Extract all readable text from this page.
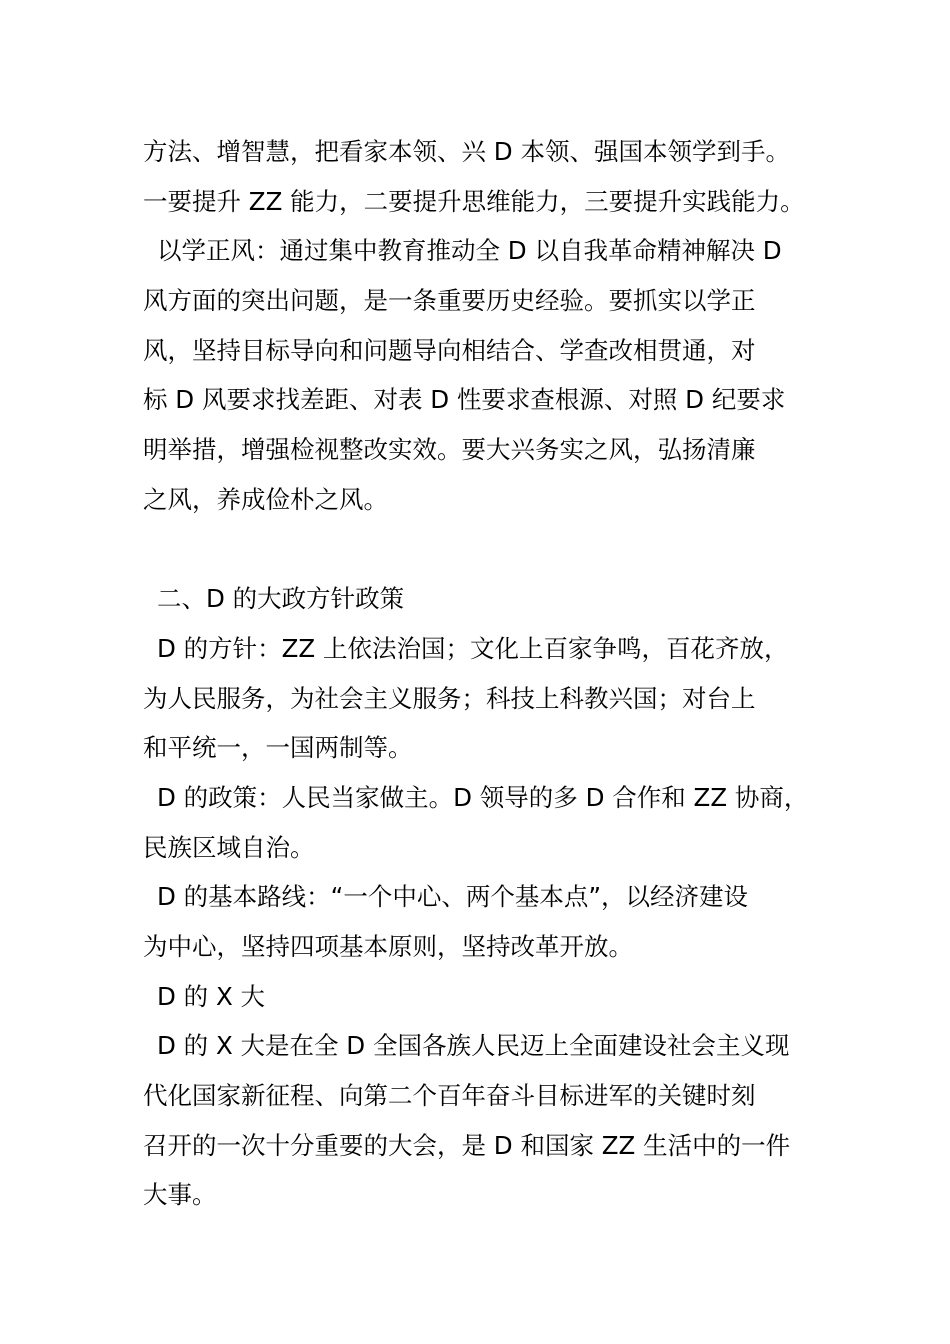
方法、增智慧，把看家本领、兴 D 本领、强国本领学到手。
一要提升 ZZ 能力，二要提升思维能力，三要提升实践能力。
以学正风：通过集中教育推动全 D 以自我革命精神解决 D
风方面的突出问题，是一条重要历史经验。要抓实以学正
风，坚持目标导向和问题导向相结合、学查改相贯通，对
标 D 风要求找差距、对表 D 性要求查根源、对照 D 纪要求
明举措，增强检视整改实效。要大兴务实之风，弘扬清廉
之风，养成俭朴之风。
二、D 的大政方针政策
D 的方针：ZZ 上依法治国；文化上百家争鸣，百花齐放，
为人民服务，为社会主义服务；科技上科教兴国；对台上
和平统一，一国两制等。
D 的政策：人民当家做主。D 领导的多 D 合作和 ZZ 协商，
民族区域自治。
D 的基本路线：“一个中心、两个基本点”，以经济建设
为中心，坚持四项基本原则，坚持改革开放。
D 的 X 大
D 的 X 大是在全 D 全国各族人民迈上全面建设社会主义现
代化国家新征程、向第二个百年奋斗目标进军的关键时刻
召开的一次十分重要的大会，是 D 和国家 ZZ 生活中的一件
大事。
